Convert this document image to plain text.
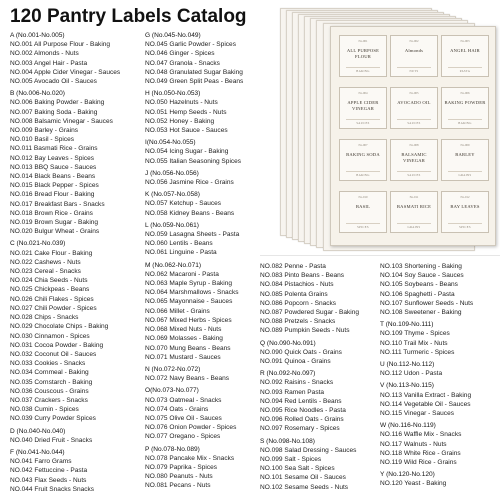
120 Pantry Labels Catalog
A (No.001-No.005)
NO.001 All Purpose Flour - Baking
NO.002 Almonds - Nuts
NO.003 Angel Hair - Pasta
NO.004 Apple Cider Vinegar - Sauces
NO.005 Avocado Oil - Sauces
B (No.006-No.020)
NO.006 Baking Powder - Baking
NO.007 Baking Soda - Baking
NO.008 Balsamic Vinegar - Sauces
NO.009 Barley - Grains
NO.010 Basil - Spices
NO.011 Basmati Rice - Grains
NO.012 Bay Leaves - Spices
NO.013 BBQ Sauce - Sauces
NO.014 Black Beans - Beans
NO.015 Black Pepper - Spices
NO.016 Bread Flour - Baking
NO.017 Breakfast Bars - Snacks
NO.018 Brown Rice - Grains
NO.019 Brown Sugar - Baking
NO.020 Bulgur Wheat - Grains
C (No.021-No.039)
NO.021 Cake Flour - Baking
NO.022 Cashews - Nuts
NO.023 Cereal - Snacks
NO.024 Chia Seeds - Nuts
NO.025 Chickpeas - Beans
NO.026 Chili Flakes - Spices
NO.027 Chili Powder - Spices
NO.028 Chips - Snacks
NO.029 Chocolate Chips - Baking
NO.030 Cinnamon - Spices
NO.031 Cocoa Powder - Baking
NO.032 Coconut Oil - Sauces
NO.033 Cookies - Snacks
NO.034 Cornmeal - Baking
NO.035 Cornstarch - Baking
NO.036 Couscous - Grains
NO.037 Crackers - Snacks
NO.038 Cumin - Spices
NO.039 Curry Powder Spices
D (No.040-No.040)
NO.040 Dried Fruit - Snacks
F (No.041-No.044)
NO.041 Farro Grams
NO.042 Fettuccine - Pasta
NO.043 Flax Seeds - Nuts
NO.044 Fruit Snacks Snacks
G (No.045-No.049)
NO.045 Garlic Powder - Spices
NO.046 Ginger - Spices
NO.047 Granola - Snacks
NO.048 Granulated Sugar Baking
NO.049 Green Split Peas - Beans
H (No.050-No.053)
NO.050 Hazelnuts - Nuts
NO.051 Hemp Seeds - Nuts
NO.052 Honey - Baking
NO.053 Hot Sauce - Sauces
I(No.054-No.055)
NO.054 Icing Sugar - Baking
NO.055 Italian Seasoning Spices
J (No.056-No.056)
NO.056 Jasmine Rice - Grains
K (No.057-No.058)
NO.057 Ketchup - Sauces
NO.058 Kidney Beans - Beans
L (No.059-No.061)
NO.059 Lasagna Sheets - Pasta
NO.060 Lentils - Beans
NO.061 Linguine - Pasta
M (No.062-No.071)
NO.062 Macaroni - Pasta
NO.063 Maple Syrup - Baking
NO.064 Marshmallows - Snacks
NO.065 Mayonnaise - Sauces
NO.066 Millet - Grains
NO.067 Mixed Herbs - Spices
NO.068 Mixed Nuts - Nuts
NO.069 Molasses - Baking
NO.070 Mung Beans - Beans
NO.071 Mustard - Sauces
N (No.072-No.072)
NO.072 Navy Beans - Beans
O(No.073-No.077)
NO.073 Oatmeal - Snacks
NO.074 Oats - Grains
NO.075 Olive Oil - Sauces
NO.076 Onion Powder - Spices
NO.077 Oregano - Spices
P (No.078-No.089)
NO.078 Pancake Mix - Snacks
NO.079 Paprika - Spices
NO.080 Peanuts - Nuts
NO.081 Pecans - Nuts
NO.082 Penne - Pasta
NO.083 Pinto Beans - Beans
NO.084 Pistachios - Nuts
NO.085 Polenta Grains
NO.086 Popcorn - Snacks
NO.087 Powdered Sugar - Baking
NO.088 Pretzels - Snacks
NO.089 Pumpkin Seeds - Nuts
Q (No.090-No.091)
NO.090 Quick Oats - Grains
NO.091 Quinoa - Grains
R (No.092-No.097)
NO.092 Raisins - Snacks
NO.093 Ramen Pasta
NO.094 Red Lentils - Beans
NO.095 Rice Noodles - Pasta
NO.096 Rolled Oats - Grains
NO.097 Rosemary - Spices
S (No.098-No.108)
NO.098 Salad Dressing - Sauces
NO.099 Salt - Spices
NO.100 Sea Salt - Spices
NO.101 Sesame Oil - Sauces
NO.102 Sesame Seeds - Nuts
NO.103 Shortening - Baking
NO.104 Soy Sauce - Sauces
NO.105 Soybeans - Beans
NO.106 Spaghetti - Pasta
NO.107 Sunflower Seeds - Nuts
NO.108 Sweetener - Baking
T (No.109-No.111)
NO.109 Thyme - Spices
NO.110 Trail Mix - Nuts
NO.111 Turmeric - Spices
U (No.112-No.112)
NO.112 Udon - Pasta
V (No.113-No.115)
NO.113 Vanilla Extract - Baking
NO.114 Vegetable Oil - Sauces
NO.115 Vinegar - Sauces
W (No.116-No.119)
NO.116 Waffle Mix - Snacks
NO.117 Walnuts - Nuts
NO.118 White Rice - Grains
NO.119 Wild Rice - Grains
Y (No.120-No.120)
NO.120 Yeast - Baking
No.001
ALL PURPOSE FLOUR
BAKING
No.002
Almonds
NUTS
No.003
ANGEL HAIR
PASTA
No.004
APPLE CIDER VINEGAR
SAUCES
No.005
AVOCADO OIL
SAUCES
No.006
BAKING POWDER
BAKING
No.007
BAKING SODA
BAKING
No.008
BALSAMIC VINEGAR
SAUCES
No.009
BARLEY
GRAINS
No.010
BASIL
SPICES
No.011
BASMATI RICE
GRAINS
No.012
BAY LEAVES
SPICES
